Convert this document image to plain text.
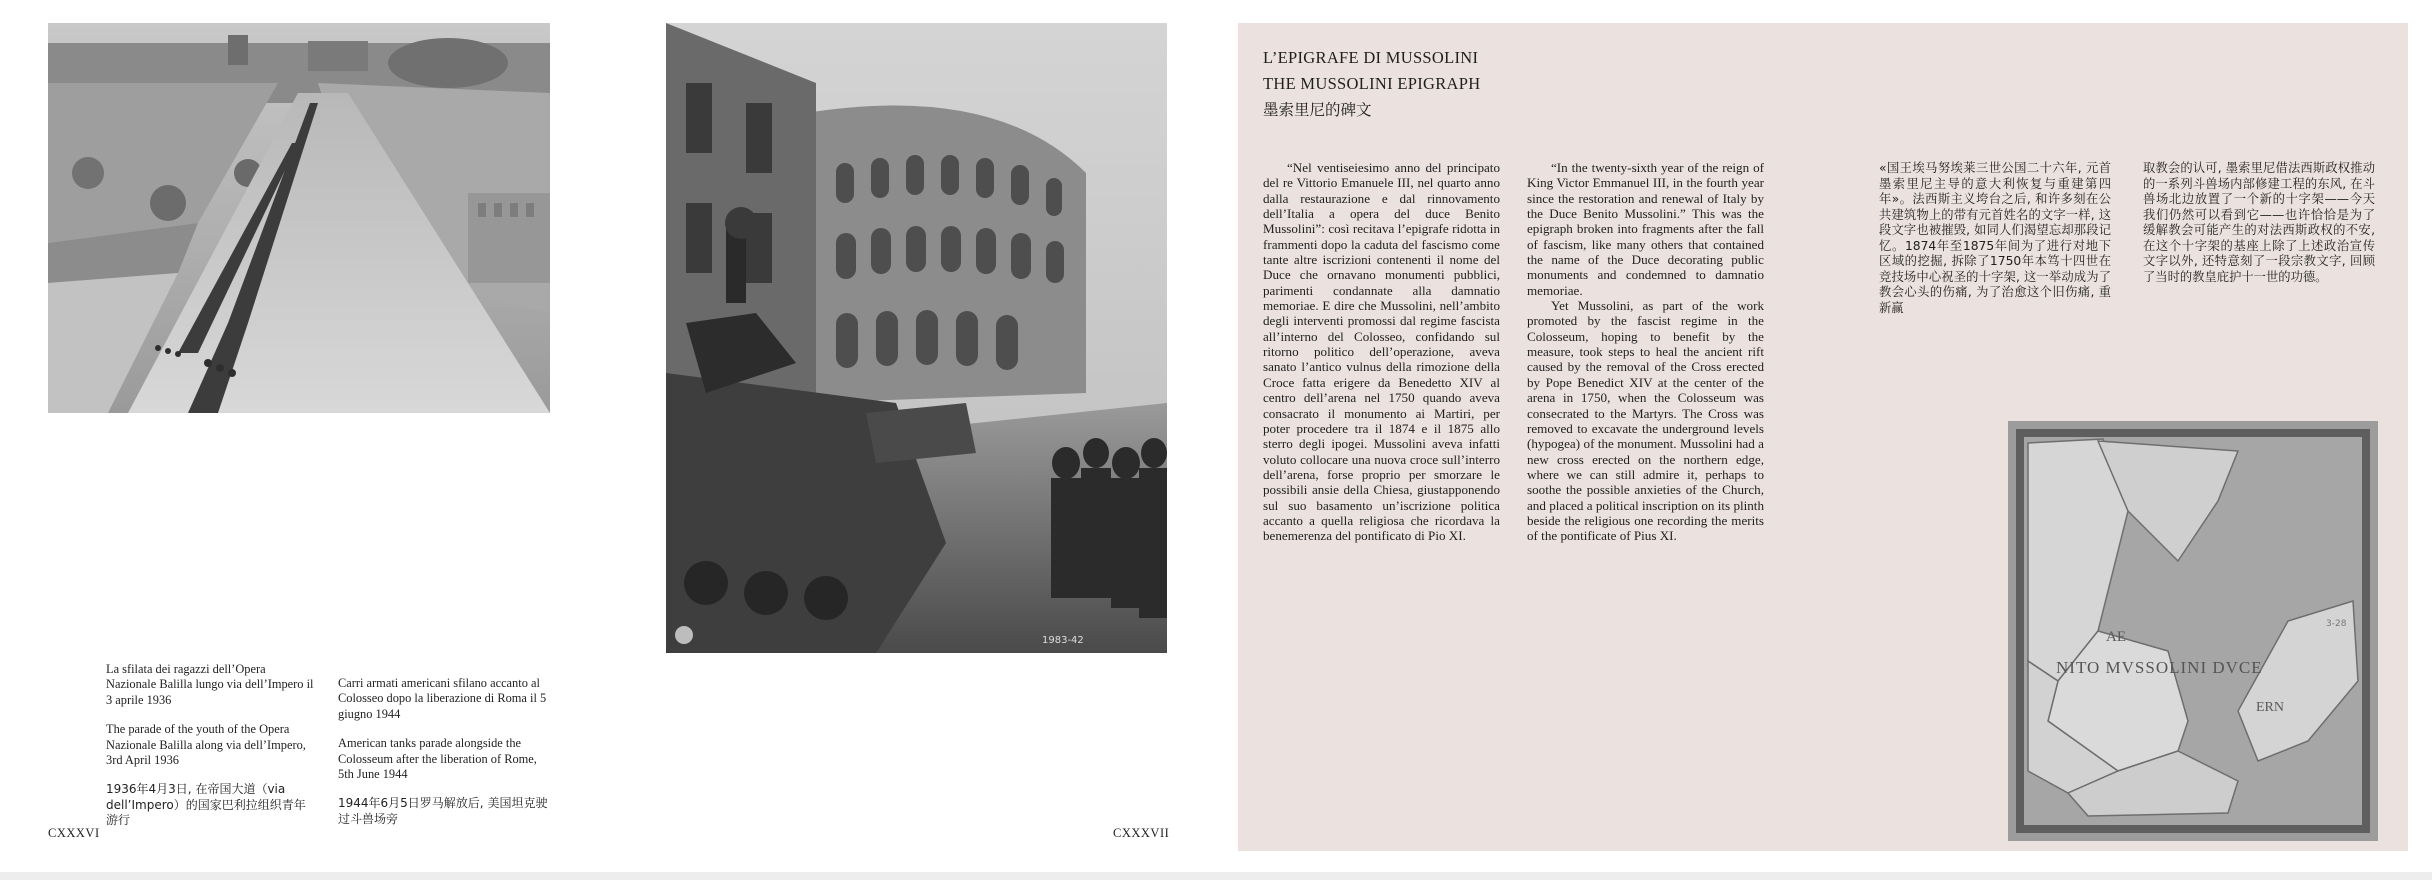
1983-42

La sfilata dei ragazzi dell’Opera Nazionale Balilla lungo via dell’Impero il 3 aprile 1936

The parade of the youth of the Opera Nazionale Balilla along via dell’Impero, 3rd April 1936

1936年4月3日, 在帝国大道（via dell’Impero）的国家巴利拉组织青年游行

Carri armati americani sfilano accanto al Colosseo dopo la liberazione di Roma il 5 giugno 1944

American tanks parade alongside the Colosseum after the liberation of Rome, 5th June 1944

1944年6月5日罗马解放后, 美国坦克驶过斗兽场旁

CXXXVI	CXXXVII
L’EPIGRAFE DI MUSSOLINI
THE MUSSOLINI EPIGRAPH
墨索里尼的碑文

“Nel ventiseiesimo anno del principato del re Vittorio Emanuele III, nel quarto anno dalla restaurazione e dal rinnovamento dell’Italia a opera del duce Benito Mussolini”: così recitava l’epigrafe ridotta in frammenti dopo la caduta del fascismo come tante altre iscrizioni contenenti il nome del Duce che ornavano monumenti pubblici, parimenti condannate alla damnatio memoriae. E dire che Mussolini, nell’ambito degli interventi promossi dal regime fascista all’interno del Colosseo, confidando sul ritorno politico dell’operazione, aveva sanato l’antico vulnus della rimozione della Croce fatta erigere da Benedetto XIV al centro dell’arena nel 1750 quando aveva consacrato il monumento ai Martiri, per poter procedere tra il 1874 e il 1875 allo sterro degli ipogei. Mussolini aveva infatti voluto collocare una nuova croce sull’interro dell’arena, forse proprio per smorzare le possibili ansie della Chiesa, giustapponendo sul suo basamento un’iscrizione politica accanto a quella religiosa che ricordava la benemerenza del pontificato di Pio XI.

“In the twenty-sixth year of the reign of King Victor Emmanuel III, in the fourth year since the restoration and renewal of Italy by the Duce Benito Mussolini.” This was the epigraph broken into fragments after the fall of fascism, like many others that contained the name of the Duce decorating public monuments and condemned to damnatio memoriae.

Yet Mussolini, as part of the work promoted by the fascist regime in the Colosseum, hoping to benefit by the measure, took steps to heal the ancient rift caused by the removal of the Cross erected by Pope Benedict XIV at the center of the arena in 1750, when the Colosseum was consecrated to the Martyrs. The Cross was removed to excavate the underground levels (hypogea) of the monument. Mussolini had a new cross erected on the northern edge, where we can still admire it, perhaps to soothe the possible anxieties of the Church, and placed a political inscription on its plinth beside the religious one recording the merits of the pontificate of Pius XI.

«国王埃马努埃莱三世公国二十六年, 元首墨索里尼主导的意大利恢复与重建第四年»。法西斯主义垮台之后, 和许多刻在公共建筑物上的带有元首姓名的文字一样, 这段文字也被摧毁, 如同人们渴望忘却那段记忆。1874年至1875年间为了进行对地下区域的挖掘, 拆除了1750年本笃十四世在竞技场中心祝圣的十字架, 这一举动成为了教会心头的伤痛, 为了治愈这个旧伤痛, 重新赢

取教会的认可, 墨索里尼借法西斯政权推动的一系列斗兽场内部修建工程的东风, 在斗兽场北边放置了一个新的十字架——今天我们仍然可以看到它——也许恰恰是为了缓解教会可能产生的对法西斯政权的不安, 在这个十字架的基座上除了上述政治宣传文字以外, 还特意刻了一段宗教文字, 回顾了当时的教皇庇护十一世的功德。

AE
NITO MVSSOLINI DVCE
ERN
3-28
